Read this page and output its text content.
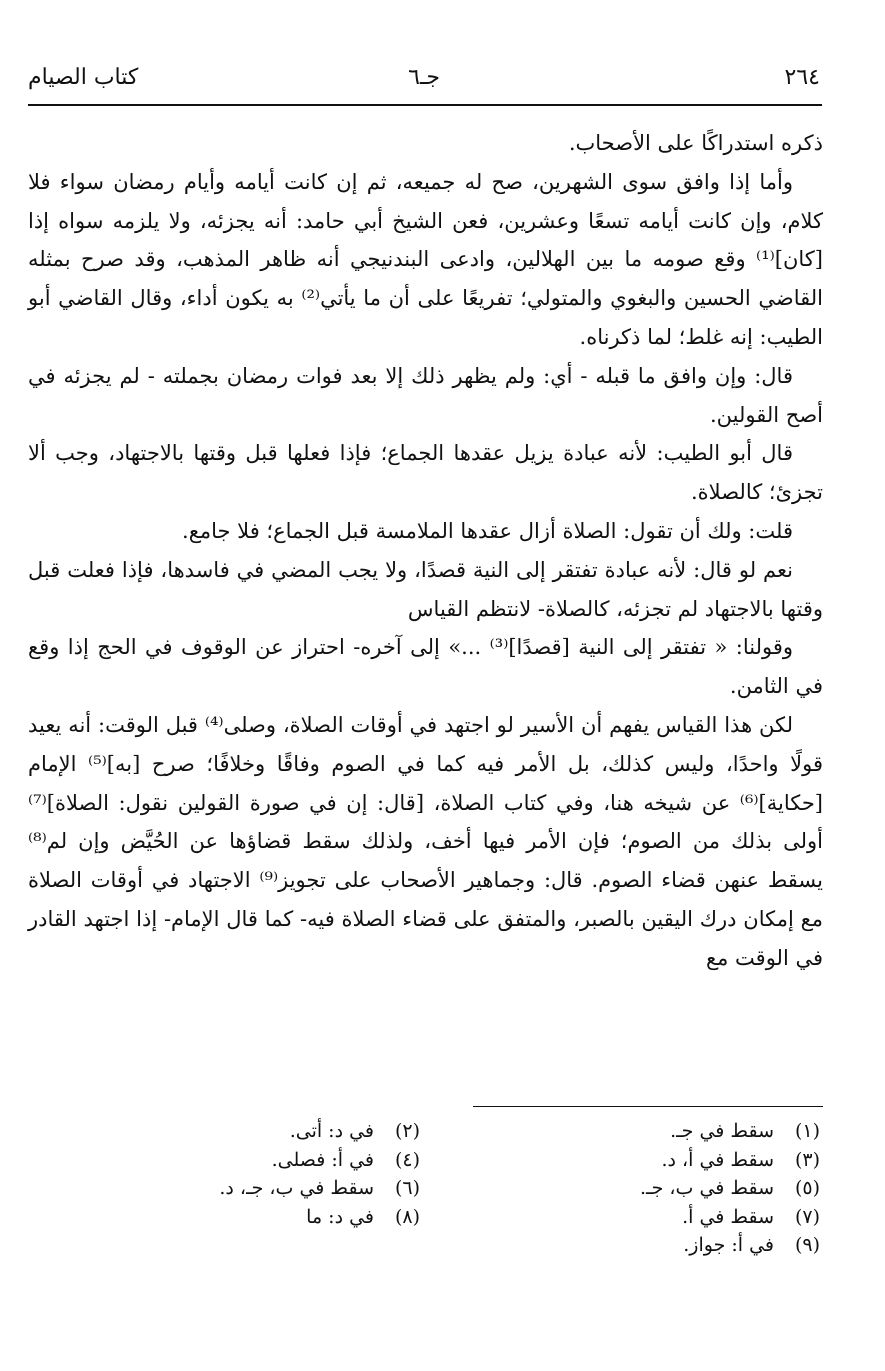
٢٦٤
جـ٦
كتاب الصيام

ذكره استدراكًا على الأصحاب.

وأما إذا وافق سوى الشهرين، صح له جميعه، ثم إن كانت أيامه وأيام رمضان سواء فلا كلام، وإن كانت أيامه تسعًا وعشرين، فعن الشيخ أبي حامد: أنه يجزئه، ولا يلزمه سواه إذا [كان]⁽¹⁾ وقع صومه ما بين الهلالين، وادعى البندنيجي أنه ظاهر المذهب، وقد صرح بمثله القاضي الحسين والبغوي والمتولي؛ تفريعًا على أن ما يأتي⁽²⁾ به يكون أداء، وقال القاضي أبو الطيب: إنه غلط؛ لما ذكرناه.

قال: وإن وافق ما قبله - أي: ولم يظهر ذلك إلا بعد فوات رمضان بجملته - لم يجزئه في أصح القولين.

قال أبو الطيب: لأنه عبادة يزيل عقدها الجماع؛ فإذا فعلها قبل وقتها بالاجتهاد، وجب ألا تجزئ؛ كالصلاة.

قلت: ولك أن تقول: الصلاة أزال عقدها الملامسة قبل الجماع؛ فلا جامع.

نعم لو قال: لأنه عبادة تفتقر إلى النية قصدًا، ولا يجب المضي في فاسدها، فإذا فعلت قبل وقتها بالاجتهاد لم تجزئه، كالصلاة- لانتظم القياس

وقولنا: « تفتقر إلى النية [قصدًا]⁽³⁾ ...» إلى آخره- احتراز عن الوقوف في الحج إذا وقع في الثامن.

لكن هذا القياس يفهم أن الأسير لو اجتهد في أوقات الصلاة، وصلى⁽⁴⁾ قبل الوقت: أنه يعيد قولًا واحدًا، وليس كذلك، بل الأمر فيه كما في الصوم وفاقًا وخلافًا؛ صرح [به]⁽⁵⁾ الإمام [حكاية]⁽⁶⁾ عن شيخه هنا، وفي كتاب الصلاة، [قال: إن في صورة القولين نقول: الصلاة]⁽⁷⁾ أولى بذلك من الصوم؛ فإن الأمر فيها أخف، ولذلك سقط قضاؤها عن الحُيَّض وإن لم⁽⁸⁾ يسقط عنهن قضاء الصوم. قال: وجماهير الأصحاب على تجويز⁽⁹⁾ الاجتهاد في أوقات الصلاة مع إمكان درك اليقين بالصبر، والمتفق على قضاء الصلاة فيه- كما قال الإمام- إذا اجتهد القادر في الوقت مع

(١)سقط في جـ.
(٢)في د: أتى.
(٣)سقط في أ، د.
(٤)في أ: فصلى.
(٥)سقط في ب، جـ.
(٦)سقط في ب، جـ، د.
(٧)سقط في أ.
(٨)في د: ما
(٩)في أ: جواز.
